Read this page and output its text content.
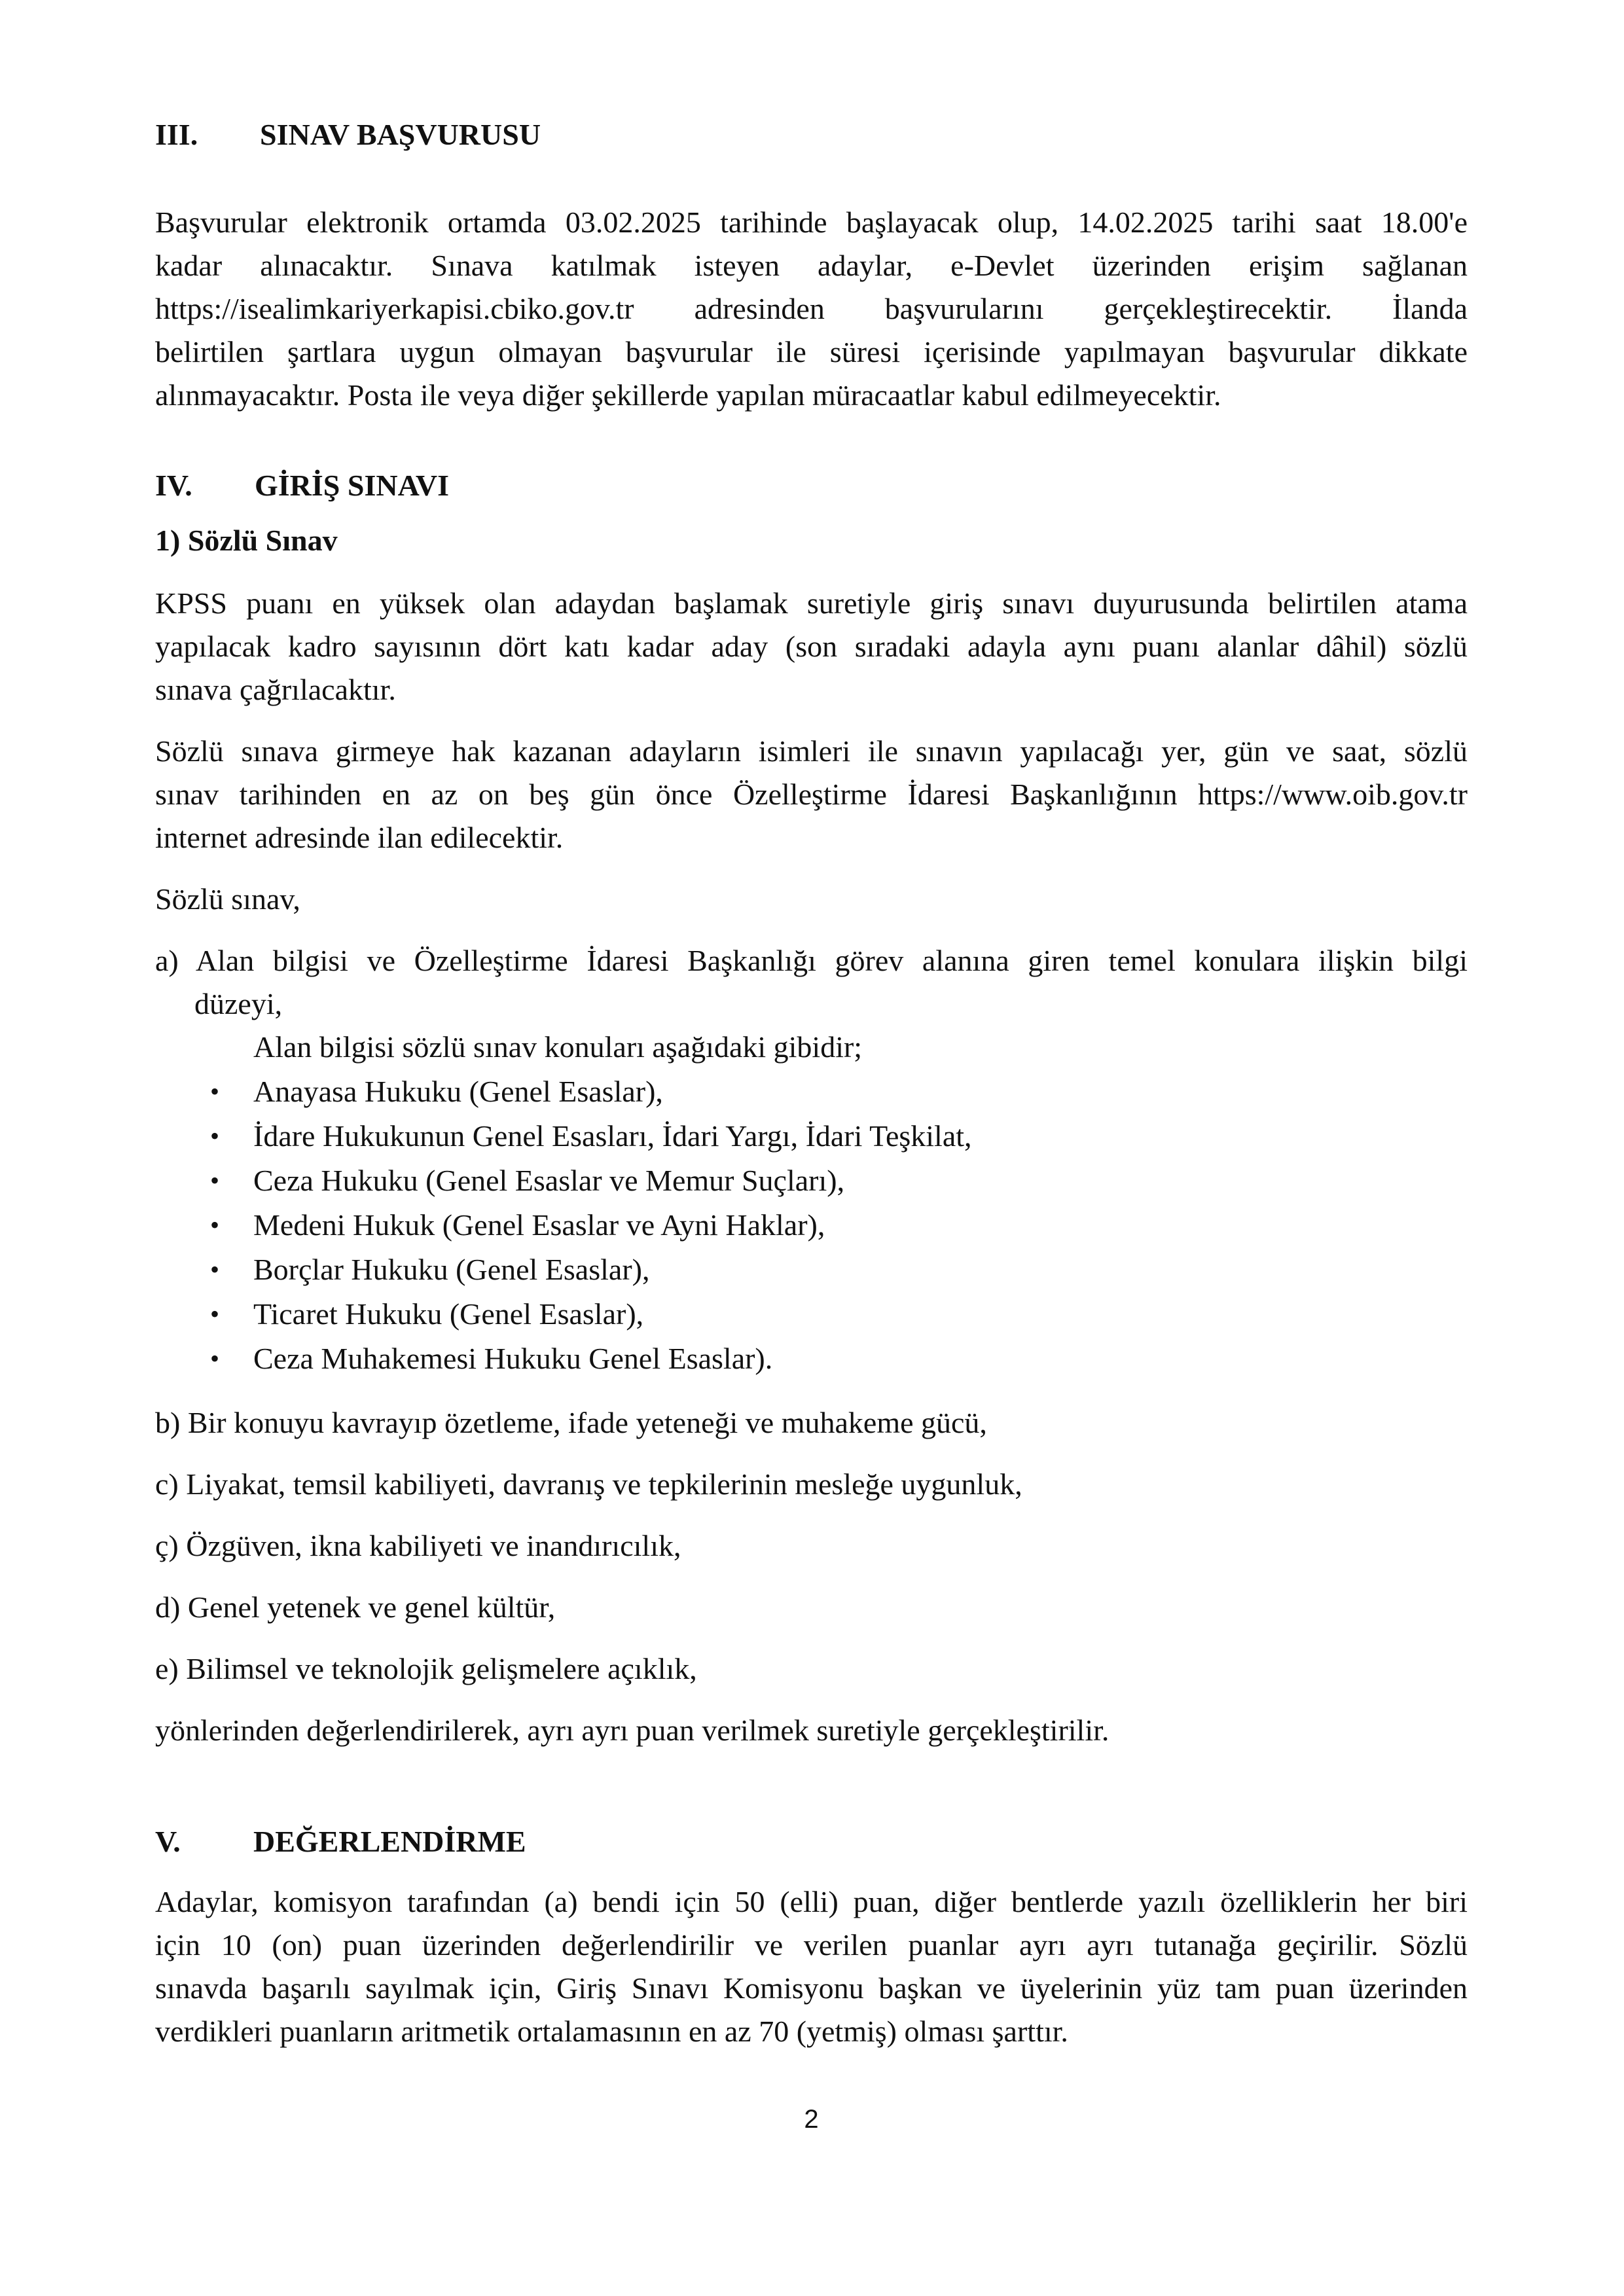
III. SINAV BAŞVURUSU
Başvurular elektronik ortamda 03.02.2025 tarihinde başlayacak olup, 14.02.2025 tarihi saat 18.00'e
kadar alınacaktır. Sınava katılmak isteyen adaylar, e-Devlet üzerinden erişim sağlanan
https://isealimkariyerkapisi.cbiko.gov.tr adresinden başvurularını gerçekleştirecektir. İlanda
belirtilen şartlara uygun olmayan başvurular ile süresi içerisinde yapılmayan başvurular dikkate
alınmayacaktır. Posta ile veya diğer şekillerde yapılan müracaatlar kabul edilmeyecektir.
IV. GİRİŞ SINAVI
1) Sözlü Sınav
KPSS puanı en yüksek olan adaydan başlamak suretiyle giriş sınavı duyurusunda belirtilen atama
yapılacak kadro sayısının dört katı kadar aday (son sıradaki adayla aynı puanı alanlar dâhil) sözlü
sınava çağrılacaktır.
Sözlü sınava girmeye hak kazanan adayların isimleri ile sınavın yapılacağı yer, gün ve saat, sözlü
sınav tarihinden en az on beş gün önce Özelleştirme İdaresi Başkanlığının https://www.oib.gov.tr
internet adresinde ilan edilecektir.
Sözlü sınav,
a) Alan bilgisi ve Özelleştirme İdaresi Başkanlığı görev alanına giren temel konulara ilişkin bilgi
düzeyi,
Alan bilgisi sözlü sınav konuları aşağıdaki gibidir;
• Anayasa Hukuku (Genel Esaslar),
• İdare Hukukunun Genel Esasları, İdari Yargı, İdari Teşkilat,
• Ceza Hukuku (Genel Esaslar ve Memur Suçları),
• Medeni Hukuk (Genel Esaslar ve Ayni Haklar),
• Borçlar Hukuku (Genel Esaslar),
• Ticaret Hukuku (Genel Esaslar),
• Ceza Muhakemesi Hukuku Genel Esaslar).
b) Bir konuyu kavrayıp özetleme, ifade yeteneği ve muhakeme gücü,
c) Liyakat, temsil kabiliyeti, davranış ve tepkilerinin mesleğe uygunluk,
ç) Özgüven, ikna kabiliyeti ve inandırıcılık,
d) Genel yetenek ve genel kültür,
e) Bilimsel ve teknolojik gelişmelere açıklık,
yönlerinden değerlendirilerek, ayrı ayrı puan verilmek suretiyle gerçekleştirilir.
V. DEĞERLENDİRME
Adaylar, komisyon tarafından (a) bendi için 50 (elli) puan, diğer bentlerde yazılı özelliklerin her biri
için 10 (on) puan üzerinden değerlendirilir ve verilen puanlar ayrı ayrı tutanağa geçirilir. Sözlü
sınavda başarılı sayılmak için, Giriş Sınavı Komisyonu başkan ve üyelerinin yüz tam puan üzerinden
verdikleri puanların aritmetik ortalamasının en az 70 (yetmiş) olması şarttır.
2
